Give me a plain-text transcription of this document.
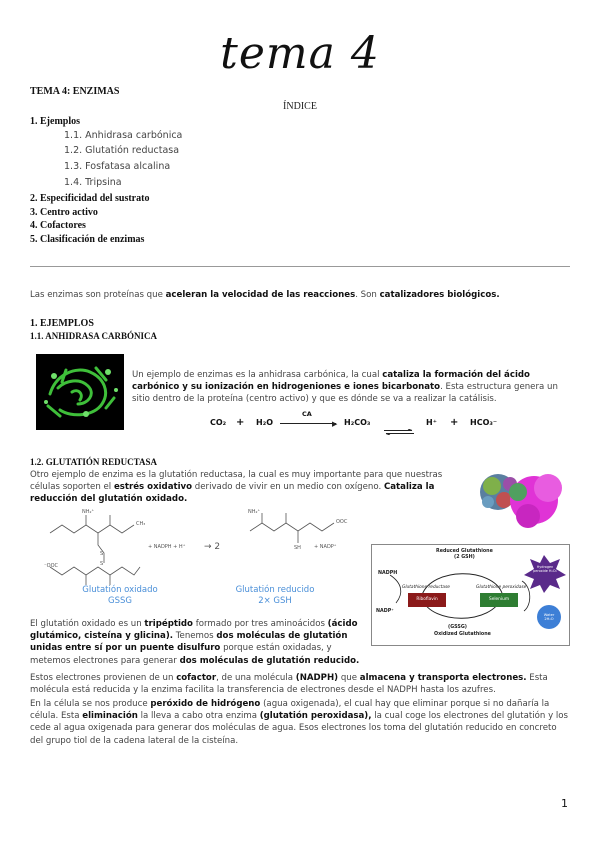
tema 4
TEMA 4: ENZIMAS
ÍNDICE
1. Ejemplos
1.1. Anhidrasa carbónica
1.2. Glutatión reductasa
1.3. Fosfatasa alcalina
1.4. Tripsina
2. Especificidad del sustrato
3. Centro activo
4. Cofactores
5. Clasificación de enzimas
Las enzimas son proteínas que aceleran la velocidad de las reacciones. Son catalizadores biológicos.
1. EJEMPLOS
1.1. ANHIDRASA CARBÓNICA
Un ejemplo de enzimas es la anhidrasa carbónica, la cual cataliza la formación del ácido carbónico y su ionización en hidrogeniones e iones bicarbonato. Esta estructura genera un sitio dentro de la proteína (centro activo) y que es dónde se va a realizar la catálisis.
CO₂ + H₂O
CA
▶ H₂CO₃	H⁺ + HCO₃⁻
1.2. GLUTATIÓN REDUCTASA
Otro ejemplo de enzima es la glutatión reductasa, la cual es muy importante para que nuestras células soporten el estrés oxidativo derivado de vivir en un medio con oxígeno. Cataliza la reducción del glutatión oxidado.
NH₂⁺
CH₃
⁻OOC
S
S
NH₂⁺
SH
OOC
+ NADPH + H⁺ → 2	+ NADP⁺
Glutatión oxidado
GSSG
Glutatión reducido
2× GSH
Reduced Glutathione
(2 GSH)
NADPH
NADP⁺
Glutathione reductase
Riboflavin
Glutathione peroxidase
Selenium
(GSSG)
Oxidized Glutathione
Hydrogen peroxide H₂O₂
Water 2H₂O
El glutatión oxidado es un tripéptido formado por tres aminoácidos (ácido glutámico, cisteína y glicina). Tenemos dos moléculas de glutatión unidas entre sí por un puente disulfuro porque están oxidadas, y metemos electrones para generar dos moléculas de glutatión reducido.
Estos electrones provienen de un cofactor, de una molécula (NADPH) que almacena y transporta electrones. Esta molécula está reducida y la enzima facilita la transferencia de electrones desde el NADPH hasta los azufres.
En la célula se nos produce peróxido de hidrógeno (agua oxigenada), el cual hay que eliminar porque si no dañaría la célula. Esta eliminación la lleva a cabo otra enzima (glutatión peroxidasa), la cual coge los electrones del glutatión y los cede al agua oxigenada para generar dos moléculas de agua. Esos electrones los toma del glutatión reducido en concreto del grupo tiol de la cadena lateral de la cisteína.
1
